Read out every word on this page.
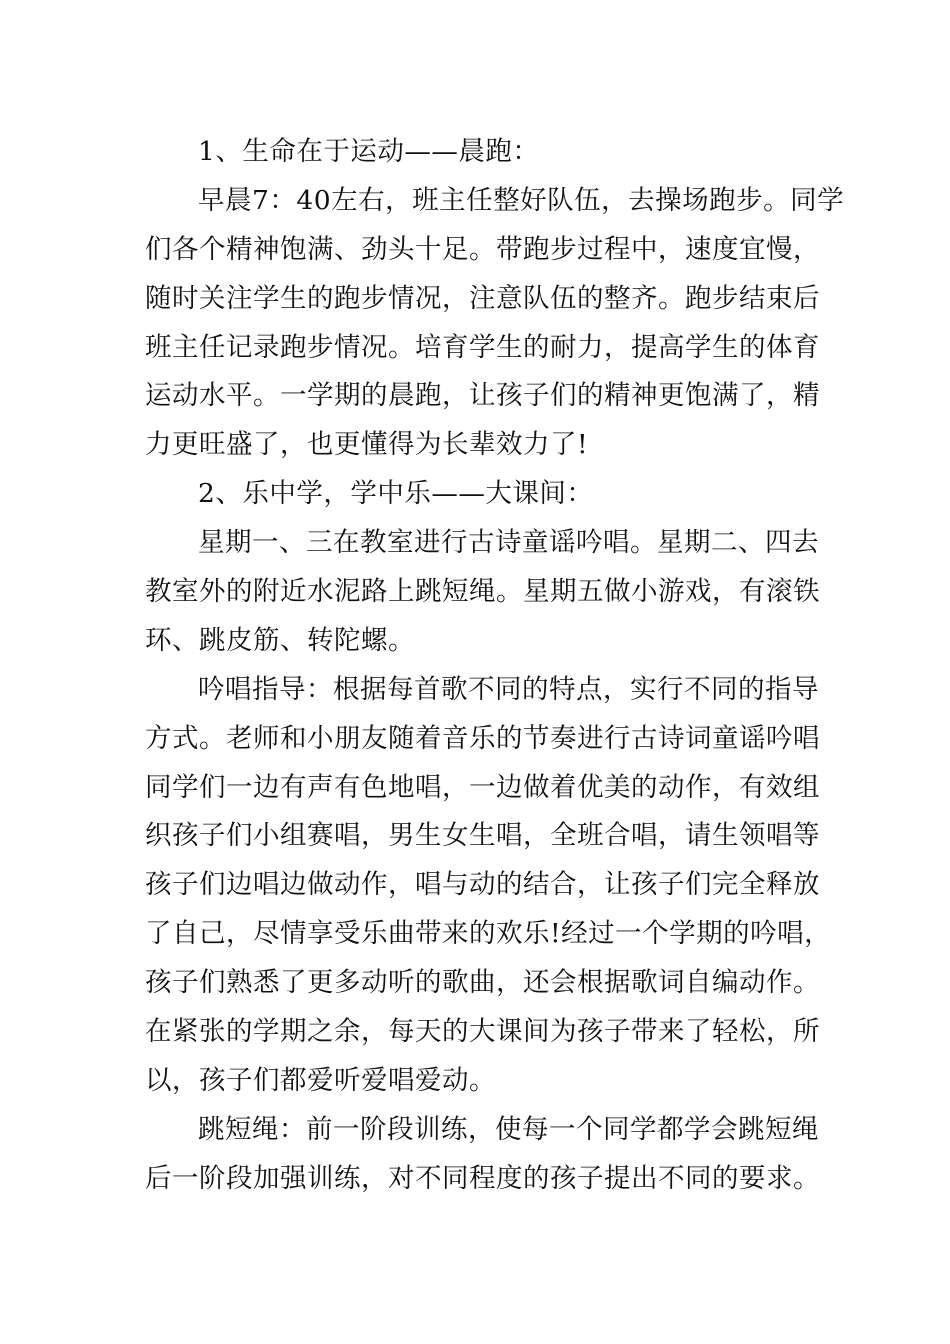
1、生命在于运动——晨跑：
早晨7：40左右，班主任整好队伍，去操场跑步。同学
们各个精神饱满、劲头十足。带跑步过程中，速度宜慢，
随时关注学生的跑步情况，注意队伍的整齐。跑步结束后
班主任记录跑步情况。培育学生的耐力，提高学生的体育
运动水平。一学期的晨跑，让孩子们的精神更饱满了，精
力更旺盛了，也更懂得为长辈效力了!
2、乐中学，学中乐——大课间：
星期一、三在教室进行古诗童谣吟唱。星期二、四去
教室外的附近水泥路上跳短绳。星期五做小游戏，有滚铁
环、跳皮筋、转陀螺。
吟唱指导：根据每首歌不同的特点，实行不同的指导
方式。老师和小朋友随着音乐的节奏进行古诗词童谣吟唱
同学们一边有声有色地唱，一边做着优美的动作，有效组
织孩子们小组赛唱，男生女生唱，全班合唱，请生领唱等
孩子们边唱边做动作，唱与动的结合，让孩子们完全释放
了自己，尽情享受乐曲带来的欢乐!经过一个学期的吟唱，
孩子们熟悉了更多动听的歌曲，还会根据歌词自编动作。
在紧张的学期之余，每天的大课间为孩子带来了轻松，所
以，孩子们都爱听爱唱爱动。
跳短绳：前一阶段训练，使每一个同学都学会跳短绳
后一阶段加强训练，对不同程度的孩子提出不同的要求。
